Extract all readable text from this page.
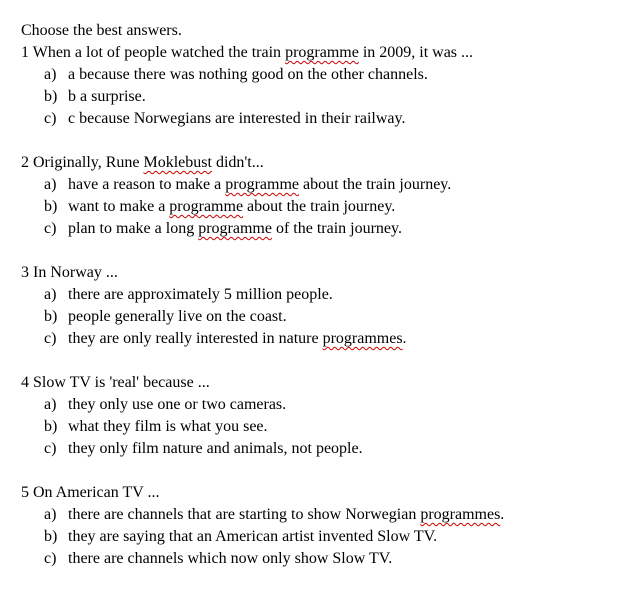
Choose the best answers.
1 When a lot of people watched the train programme in 2009, it was ...
a) a because there was nothing good on the other channels.
b) b a surprise.
c) c because Norwegians are interested in their railway.
2 Originally, Rune Moklebust didn't...
a) have a reason to make a programme about the train journey.
b) want to make a programme about the train journey.
c) plan to make a long programme of the train journey.
3 In Norway ...
a) there are approximately 5 million people.
b) people generally live on the coast.
c) they are only really interested in nature programmes.
4 Slow TV is 'real' because ...
a) they only use one or two cameras.
b) what they film is what you see.
c) they only film nature and animals, not people.
5 On American TV ...
a) there are channels that are starting to show Norwegian programmes.
b) they are saying that an American artist invented Slow TV.
c) there are channels which now only show Slow TV.
